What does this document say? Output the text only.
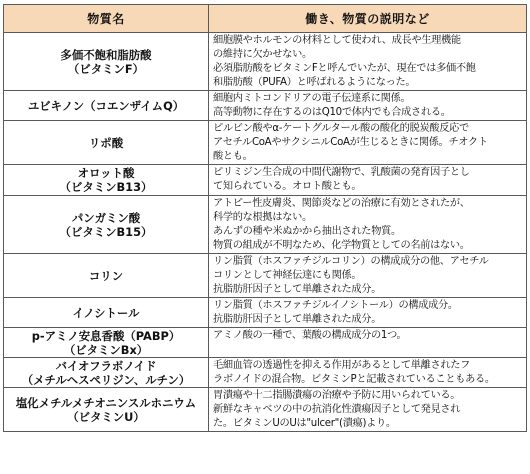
物質名	働き、物質の説明など

多価不飽和脂肪酸
（ビタミンF）	細胞膜やホルモンの材料として使われ、成長や生理機能
の維持に欠かせない。
必須脂肪酸をビタミンFと呼んでいたが、現在では多価不飽
和脂肪酸（PUFA）と呼ばれるようになった。

ユビキノン（コエンザイムQ）	細胞内ミトコンドリアの電子伝達系に関係。
高等動物に存在するのはQ10で体内でも合成される。

リポ酸	ピルビン酸やα-ケートグルタール酸の酸化的脱炭酸反応で
アセチルCoAやサクシニルCoAが生じるときに関係。チオクト
酸とも。

オロット酸
（ビタミンB13）	ピリミジン生合成の中間代謝物で、乳酸菌の発育因子とし
て知られている。オロト酸とも。

パンガミン酸
（ビタミンB15）	アトピー性皮膚炎、関節炎などの治療に有効とされたが、
科学的な根拠はない。
あんずの種や米ぬかから抽出された物質。
物質の組成が不明なため、化学物質としての名前はない。

コリン	リン脂質（ホスファチジルコリン）の構成成分の他、アセチル
コリンとして神経伝達にも関係。
抗脂肪肝因子として単離された成分。

イノシトール	リン脂質（ホスファチジルイノシトール）の構成成分。
抗脂肪肝因子として単離された成分。

p-アミノ安息香酸（PABP）
（ビタミンBx）	アミノ酸の一種で、葉酸の構成成分の1つ。

バイオフラボノイド
（メチルヘスペリジン、ルチン）	毛細血管の透過性を抑える作用があるとして単離されたフ
ラボノイドの混合物。ビタミンPと記載されていることもある。

塩化メチルメチオニンスルホニウム
（ビタミンU）	胃潰瘍や十二指腸潰瘍の治療や予防に用いられている。
新鮮なキャベツの中の抗消化性潰瘍因子として発見され
た。ビタミンUのUは"ulcer"(潰瘍)より。
